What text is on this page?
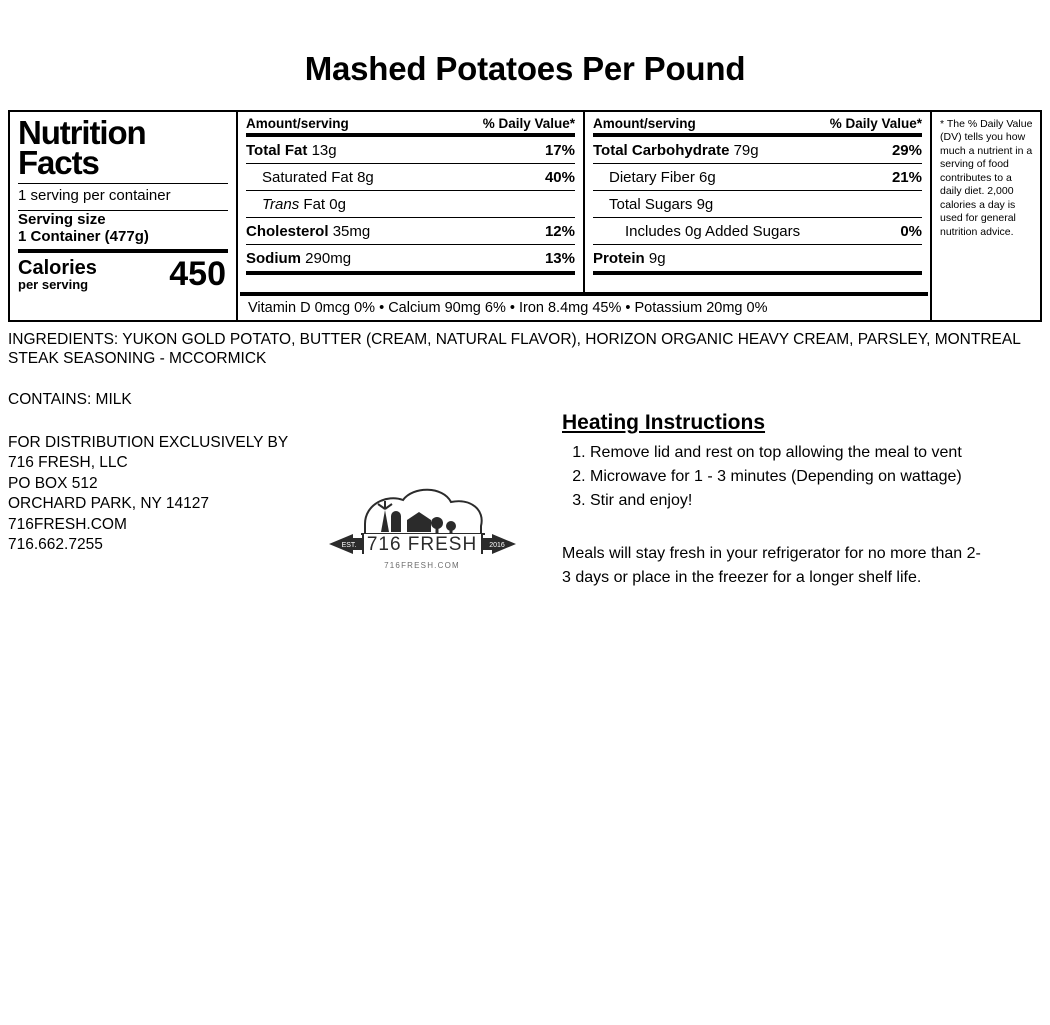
Mashed Potatoes Per Pound
Nutrition
Facts
1 serving per container
Serving size
1 Container (477g)
Calories
per serving 450
Amount/serving	% Daily Value*
Total Fat 13g	17%
Saturated Fat 8g	40%
Trans Fat 0g
Cholesterol 35mg	12%
Sodium 290mg	13%
Amount/serving	% Daily Value*
Total Carbohydrate 79g	29%
Dietary Fiber 6g	21%
Total Sugars 9g
Includes 0g Added Sugars	0%
Protein 9g
* The % Daily Value (DV) tells you how much a nutrient in a serving of food contributes to a daily diet. 2,000 calories a day is used for general nutrition advice.
Vitamin D 0mcg 0% • Calcium 90mg 6% • Iron 8.4mg 45% • Potassium 20mg 0%
INGREDIENTS: YUKON GOLD POTATO, BUTTER (CREAM, NATURAL FLAVOR), HORIZON ORGANIC HEAVY CREAM, PARSLEY, MONTREAL STEAK SEASONING - MCCORMICK
CONTAINS: MILK
FOR DISTRIBUTION EXCLUSIVELY BY
716 FRESH, LLC
PO BOX 512
ORCHARD PARK, NY 14127
716FRESH.COM
716.662.7255	716 FRESH
EST.	2016
716FRESH.COM
Heating Instructions
1. Remove lid and rest on top allowing the meal to vent
2. Microwave for 1 - 3 minutes (Depending on wattage)
3. Stir and enjoy!
Meals will stay fresh in your refrigerator for no more than 2-3 days or place in the freezer for a longer shelf life.
